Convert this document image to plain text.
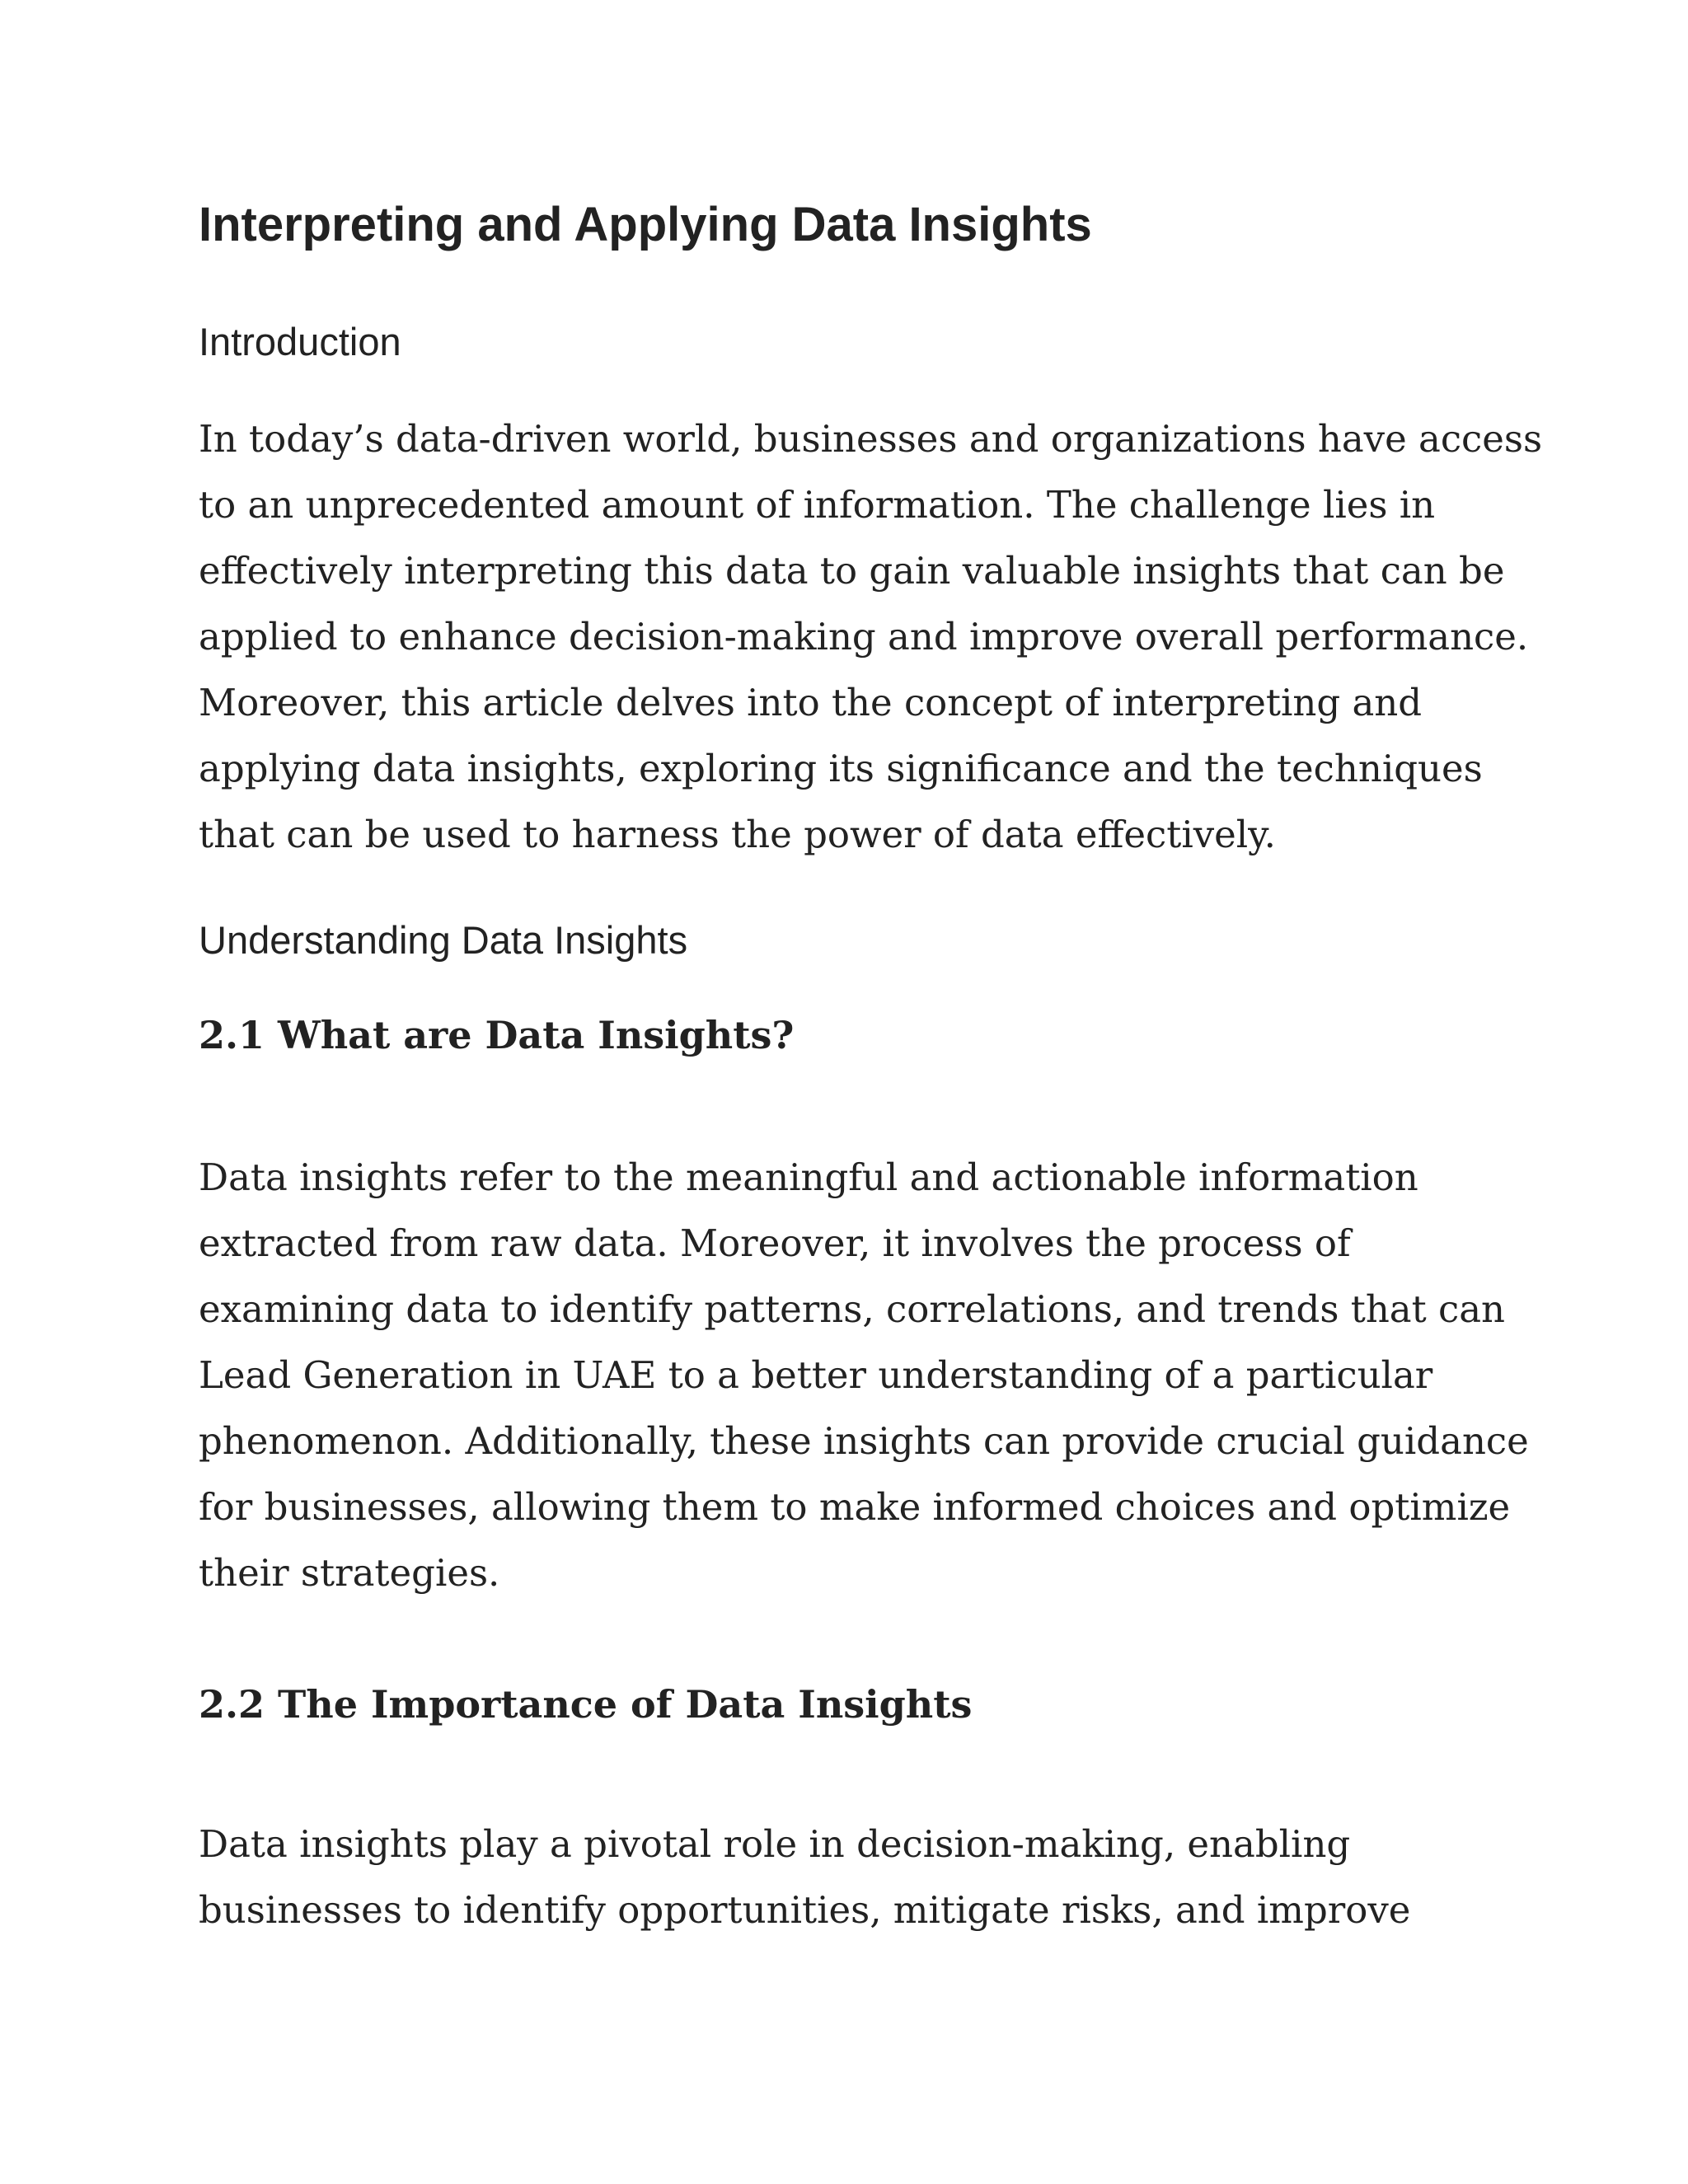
Interpreting and Applying Data Insights
Introduction

In today’s data-driven world, businesses and organizations have access
to an unprecedented amount of information. The challenge lies in
effectively interpreting this data to gain valuable insights that can be
applied to enhance decision-making and improve overall performance.
Moreover, this article delves into the concept of interpreting and
applying data insights, exploring its significance and the techniques
that can be used to harness the power of data effectively.

Understanding Data Insights
2.1 What are Data Insights?

Data insights refer to the meaningful and actionable information
extracted from raw data. Moreover, it involves the process of
examining data to identify patterns, correlations, and trends that can
Lead Generation in UAE to a better understanding of a particular
phenomenon. Additionally, these insights can provide crucial guidance
for businesses, allowing them to make informed choices and optimize
their strategies.

2.2 The Importance of Data Insights

Data insights play a pivotal role in decision-making, enabling
businesses to identify opportunities, mitigate risks, and improve
